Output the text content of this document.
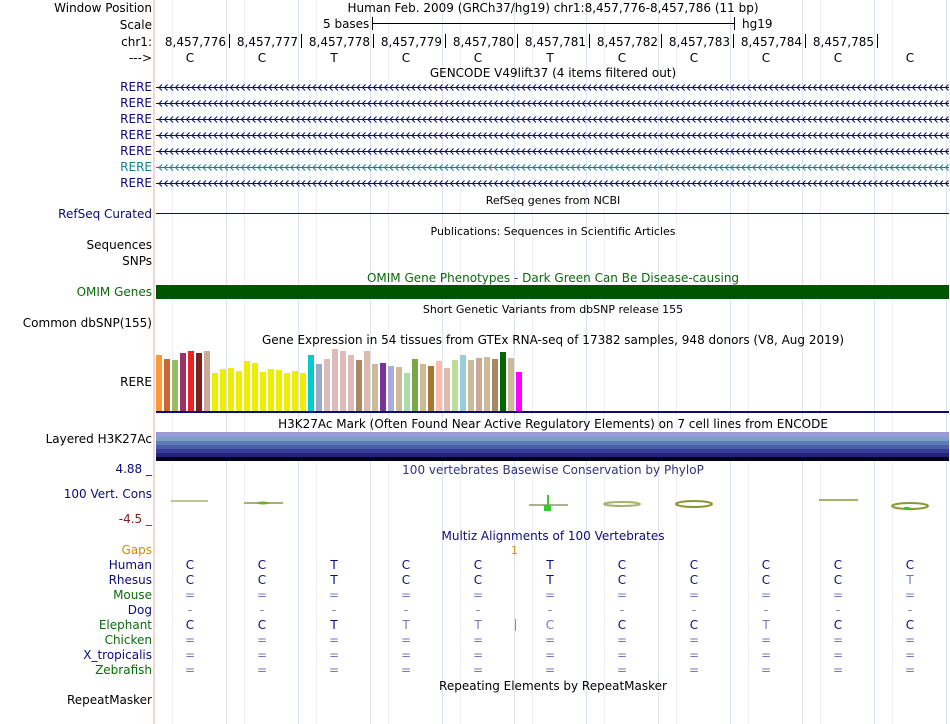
Window Position	Human Feb. 2009 (GRCh37/hg19) chr1:8,457,776-8,457,786 (11 bp)
Scale	5 bases	hg19
chr1: 8,457,776 8,457,777 8,457,778 8,457,779 8,457,780 8,457,781 8,457,782 8,457,783 8,457,784 8,457,785
--->	C	C	T	C	C	T	C	C	C	C	C
GENCODE V49lift37 (4 items filtered out)
RERE
RERE
RERE
RERE
RERE
RERE
RERE
RefSeq genes from NCBI
RefSeq Curated
Publications: Sequences in Scientific Articles
Sequences
SNPs
OMIM Gene Phenotypes - Dark Green Can Be Disease-causing
OMIM Genes
Short Genetic Variants from dbSNP release 155
Common dbSNP(155)
Gene Expression in 54 tissues from GTEx RNA-seq of 17382 samples, 948 donors (V8, Aug 2019)
RERE
H3K27Ac Mark (Often Found Near Active Regulatory Elements) on 7 cell lines from ENCODE
Layered H3K27Ac
4.88 _	100 vertebrates Basewise Conservation by PhyloP
100 Vert. Cons
-4.5 _
Multiz Alignments of 100 Vertebrates
Gaps	1
Human	C	C	T	C	C	T	C	C	C	C	C
Rhesus	C	C	T	C	C	T	C	C	C	C	T
Mouse	=	=	=	=	=	=	=	=	=	=	=
Dog	-	-	-	-	-	-	-	-	-	-	-
Elephant	C	C	T	T	T	C	C	C	T	C	C
Chicken	=	=	=	=	=	=	=	=	=	=	=
X_tropicalis	=	=	=	=	=	=	=	=	=	=	=
Zebrafish	=	=	=	=	=	=	=	=	=	=	=
Repeating Elements by RepeatMasker
RepeatMasker
